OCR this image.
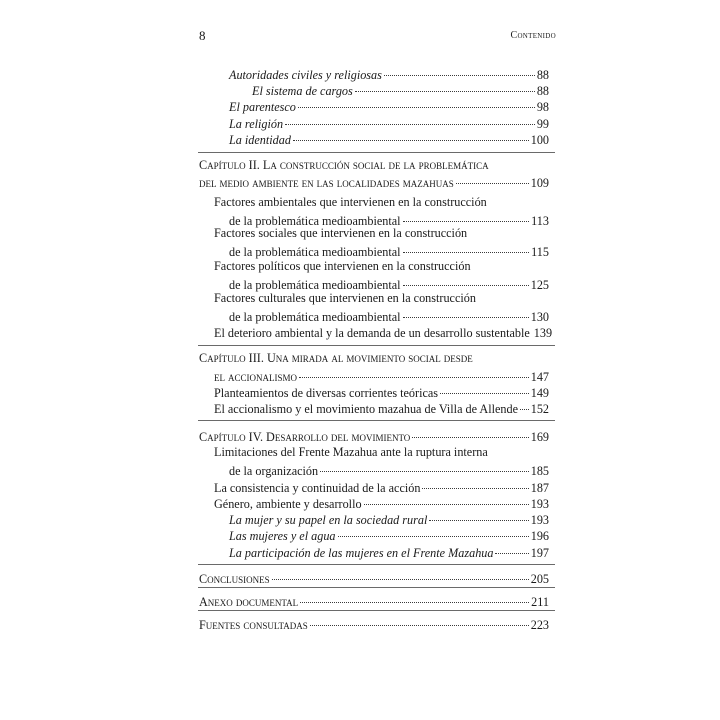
8	Contenido
Autoridades civiles y religiosas	88
El sistema de cargos	88
El parentesco	98
La religión	99
La identidad	100
Capítulo II. La construcción social de la problemática
del medio ambiente en las localidades mazahuas	109
Factores ambientales que intervienen en la construcción
de la problemática medioambiental	113
Factores sociales que intervienen en la construcción
de la problemática medioambiental	115
Factores políticos que intervienen en la construcción
de la problemática medioambiental	125
Factores culturales que intervienen en la construcción
de la problemática medioambiental	130
El deterioro ambiental y la demanda de un desarrollo sustentable 139
Capítulo III. Una mirada al movimiento social desde
el accionalismo	147
Planteamientos de diversas corrientes teóricas	149
El accionalismo y el movimiento mazahua de Villa de Allende 152
Capítulo IV. Desarrollo del movimiento	169
Limitaciones del Frente Mazahua ante la ruptura interna
de la organización	185
La consistencia y continuidad de la acción	187
Género, ambiente y desarrollo	193
La mujer y su papel en la sociedad rural	193
Las mujeres y el agua	196
La participación de las mujeres en el Frente Mazahua	197
Conclusiones	205
Anexo documental	211
Fuentes consultadas	223
